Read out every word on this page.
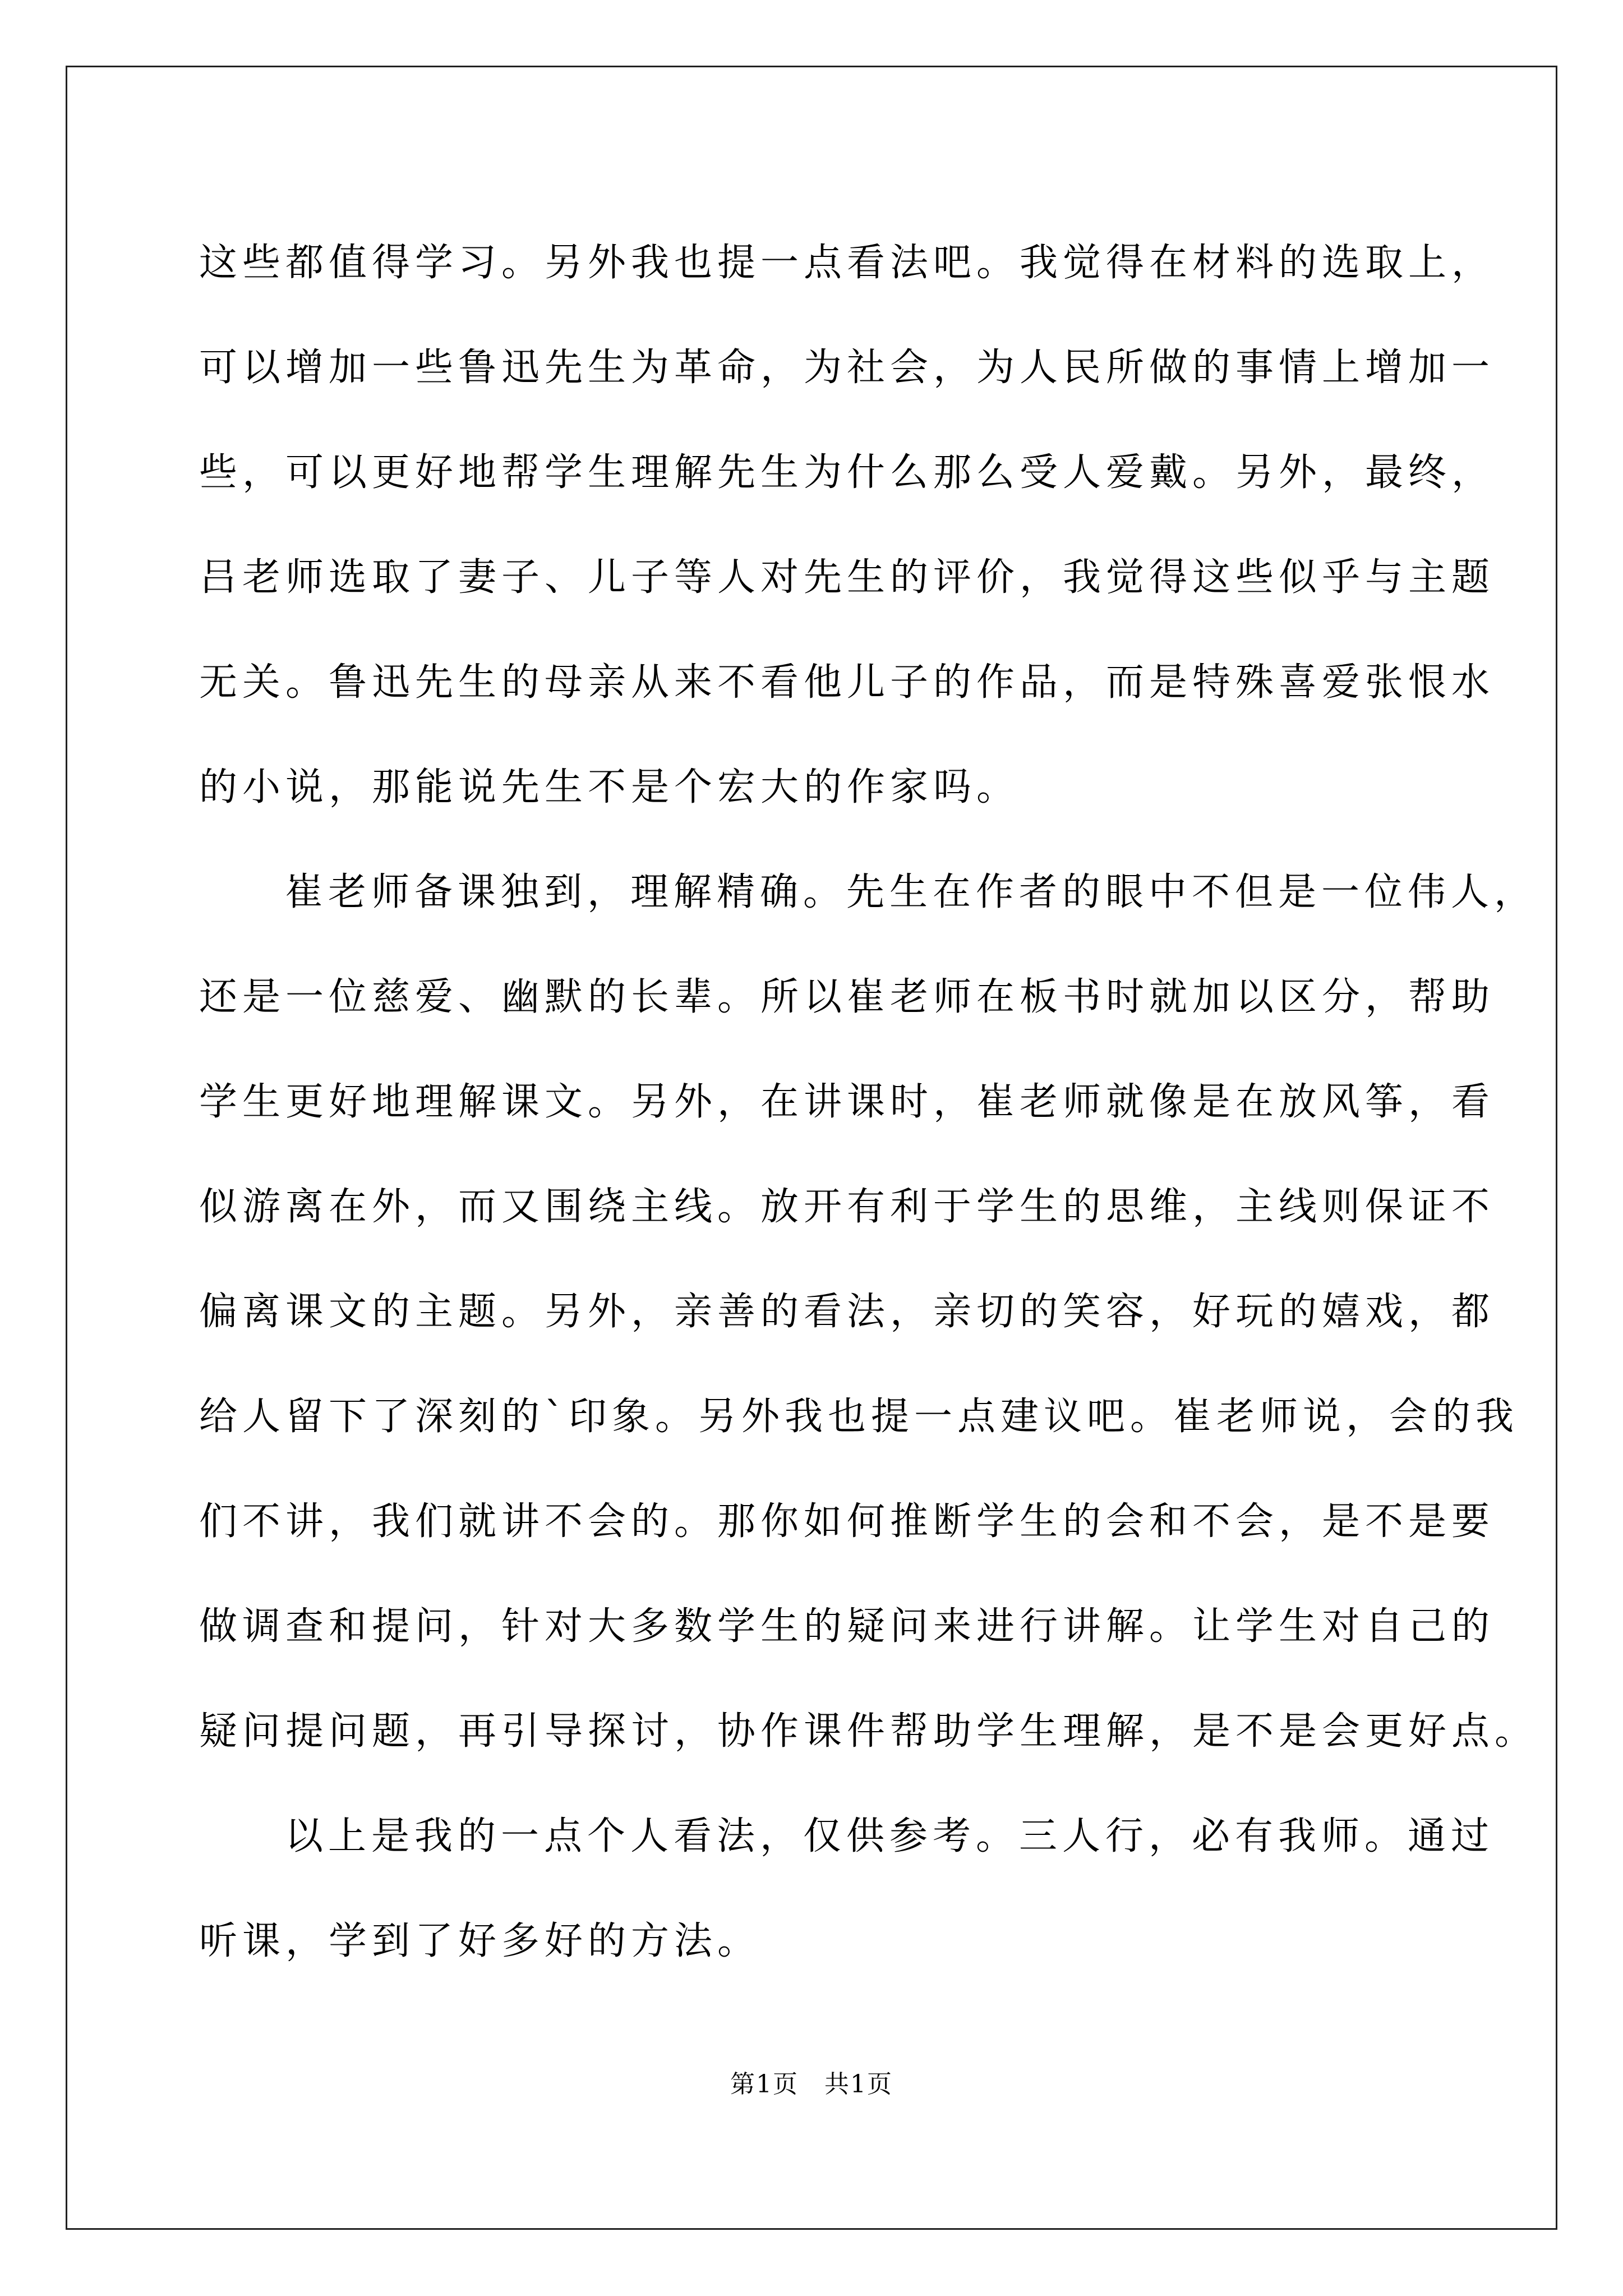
这些都值得学习。另外我也提一点看法吧。我觉得在材料的选取上，
可以增加一些鲁迅先生为革命，为社会，为人民所做的事情上增加一
些，可以更好地帮学生理解先生为什么那么受人爱戴。另外，最终，
吕老师选取了妻子、儿子等人对先生的评价，我觉得这些似乎与主题
无关。鲁迅先生的母亲从来不看他儿子的作品，而是特殊喜爱张恨水
的小说，那能说先生不是个宏大的作家吗。
崔老师备课独到，理解精确。先生在作者的眼中不但是一位伟人，
还是一位慈爱、幽默的长辈。所以崔老师在板书时就加以区分，帮助
学生更好地理解课文。另外，在讲课时，崔老师就像是在放风筝，看
似游离在外，而又围绕主线。放开有利于学生的思维，主线则保证不
偏离课文的主题。另外，亲善的看法，亲切的笑容，好玩的嬉戏，都
给人留下了深刻的`印象。另外我也提一点建议吧。崔老师说，会的我
们不讲，我们就讲不会的。那你如何推断学生的会和不会，是不是要
做调查和提问，针对大多数学生的疑问来进行讲解。让学生对自己的
疑问提问题，再引导探讨，协作课件帮助学生理解，是不是会更好点。
以上是我的一点个人看法，仅供参考。三人行，必有我师。通过
听课，学到了好多好的方法。
第1页　共1页
